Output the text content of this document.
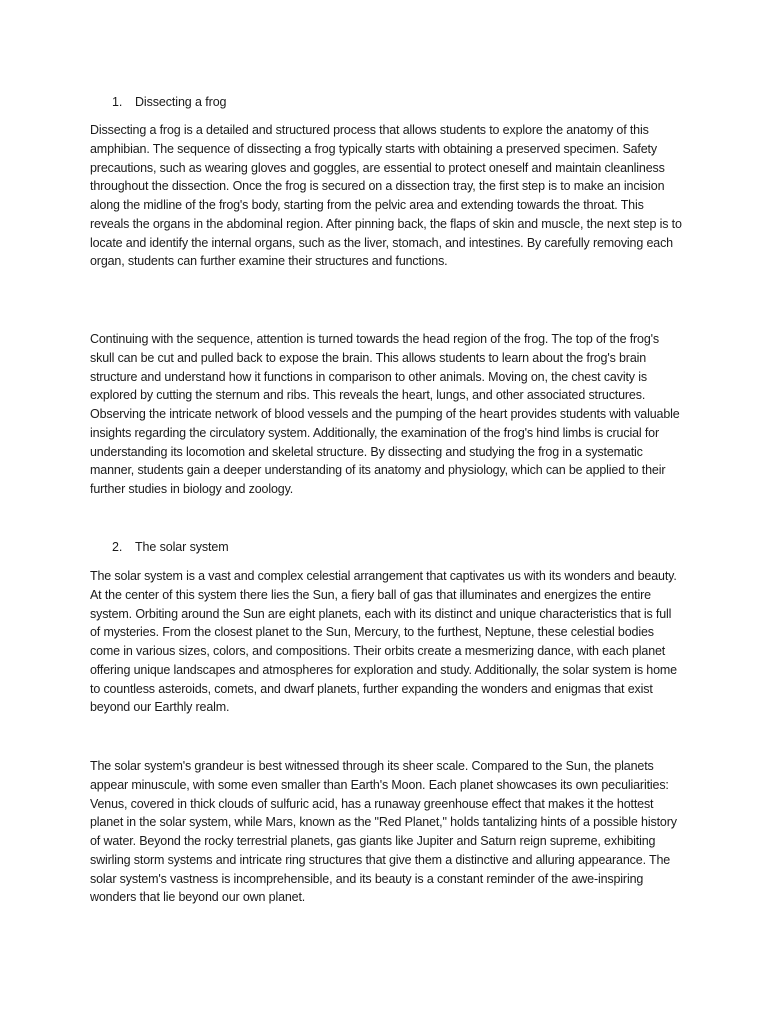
1. Dissecting a frog

Dissecting a frog is a detailed and structured process that allows students to explore the anatomy of this amphibian. The sequence of dissecting a frog typically starts with obtaining a preserved specimen. Safety precautions, such as wearing gloves and goggles, are essential to protect oneself and maintain cleanliness throughout the dissection. Once the frog is secured on a dissection tray, the first step is to make an incision along the midline of the frog's body, starting from the pelvic area and extending towards the throat. This reveals the organs in the abdominal region. After pinning back, the flaps of skin and muscle, the next step is to locate and identify the internal organs, such as the liver, stomach, and intestines. By carefully removing each organ, students can further examine their structures and functions.

Continuing with the sequence, attention is turned towards the head region of the frog. The top of the frog's skull can be cut and pulled back to expose the brain. This allows students to learn about the frog's brain structure and understand how it functions in comparison to other animals. Moving on, the chest cavity is explored by cutting the sternum and ribs. This reveals the heart, lungs, and other associated structures. Observing the intricate network of blood vessels and the pumping of the heart provides students with valuable insights regarding the circulatory system. Additionally, the examination of the frog's hind limbs is crucial for understanding its locomotion and skeletal structure. By dissecting and studying the frog in a systematic manner, students gain a deeper understanding of its anatomy and physiology, which can be applied to their further studies in biology and zoology.

2. The solar system

The solar system is a vast and complex celestial arrangement that captivates us with its wonders and beauty. At the center of this system there lies the Sun, a fiery ball of gas that illuminates and energizes the entire system. Orbiting around the Sun are eight planets, each with its distinct and unique characteristics that is full of mysteries. From the closest planet to the Sun, Mercury, to the furthest, Neptune, these celestial bodies come in various sizes, colors, and compositions. Their orbits create a mesmerizing dance, with each planet offering unique landscapes and atmospheres for exploration and study. Additionally, the solar system is home to countless asteroids, comets, and dwarf planets, further expanding the wonders and enigmas that exist beyond our Earthly realm.

The solar system's grandeur is best witnessed through its sheer scale. Compared to the Sun, the planets appear minuscule, with some even smaller than Earth's Moon. Each planet showcases its own peculiarities: Venus, covered in thick clouds of sulfuric acid, has a runaway greenhouse effect that makes it the hottest planet in the solar system, while Mars, known as the "Red Planet," holds tantalizing hints of a possible history of water. Beyond the rocky terrestrial planets, gas giants like Jupiter and Saturn reign supreme, exhibiting swirling storm systems and intricate ring structures that give them a distinctive and alluring appearance. The solar system's vastness is incomprehensible, and its beauty is a constant reminder of the awe-inspiring wonders that lie beyond our own planet.
